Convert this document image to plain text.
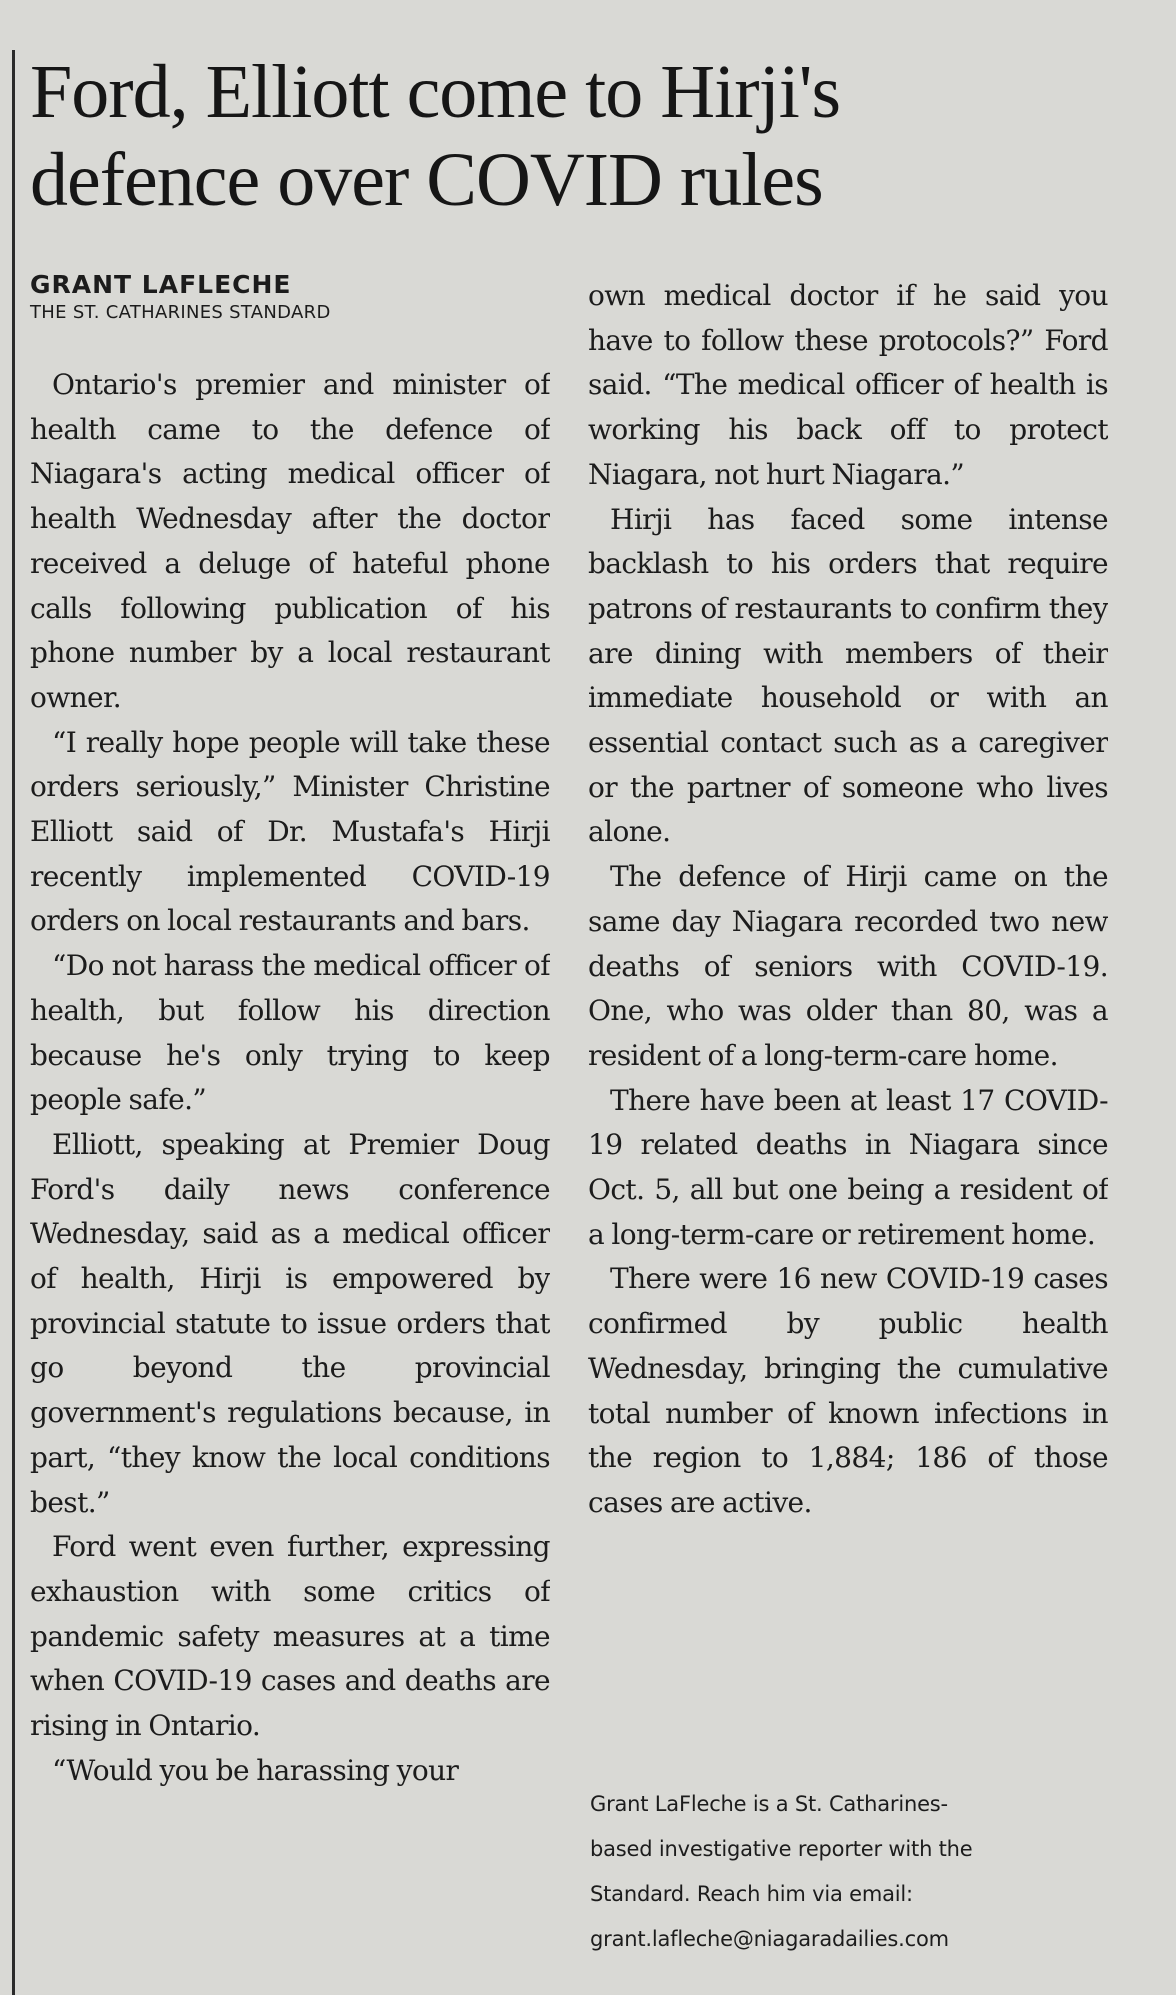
Ford, Elliott come to Hirji's
defence over COVID rules
GRANT LAFLECHE
THE ST. CATHARINES STANDARD

Ontario's premier and minister of health came to the defence of Niagara's acting medical officer of health Wednesday after the doctor received a deluge of hateful phone calls following publication of his phone number by a local restaurant owner.

“I really hope people will take these orders seriously,” Minister Christine Elliott said of Dr. Mustafa's Hirji recently implemented COVID-19 orders on local restaurants and bars.

“Do not harass the medical officer of health, but follow his direction because he's only trying to keep people safe.”

Elliott, speaking at Premier Doug Ford's daily news conference Wednesday, said as a medical officer of health, Hirji is empowered by provincial statute to issue orders that go beyond the provincial government's regulations because, in part, “they know the local conditions best.”

Ford went even further, expressing exhaustion with some critics of pandemic safety measures at a time when COVID-19 cases and deaths are rising in Ontario.

“Would you be harassing your

own medical doctor if he said you have to follow these protocols?” Ford said. “The medical officer of health is working his back off to protect Niagara, not hurt Niagara.”

Hirji has faced some intense backlash to his orders that require patrons of restaurants to confirm they are dining with members of their immediate household or with an essential contact such as a caregiver or the partner of someone who lives alone.

The defence of Hirji came on the same day Niagara recorded two new deaths of seniors with COVID-19. One, who was older than 80, was a resident of a long-term-care home.

There have been at least 17 COVID-19 related deaths in Niagara since Oct. 5, all but one being a resident of a long-term-care or retirement home.

There were 16 new COVID-19 cases confirmed by public health Wednesday, bringing the cumulative total number of known infections in the region to 1,884; 186 of those cases are active.

Grant LaFleche is a St. Catharines-
based investigative reporter with the
Standard. Reach him via email:
grant.lafleche@niagaradailies.com
